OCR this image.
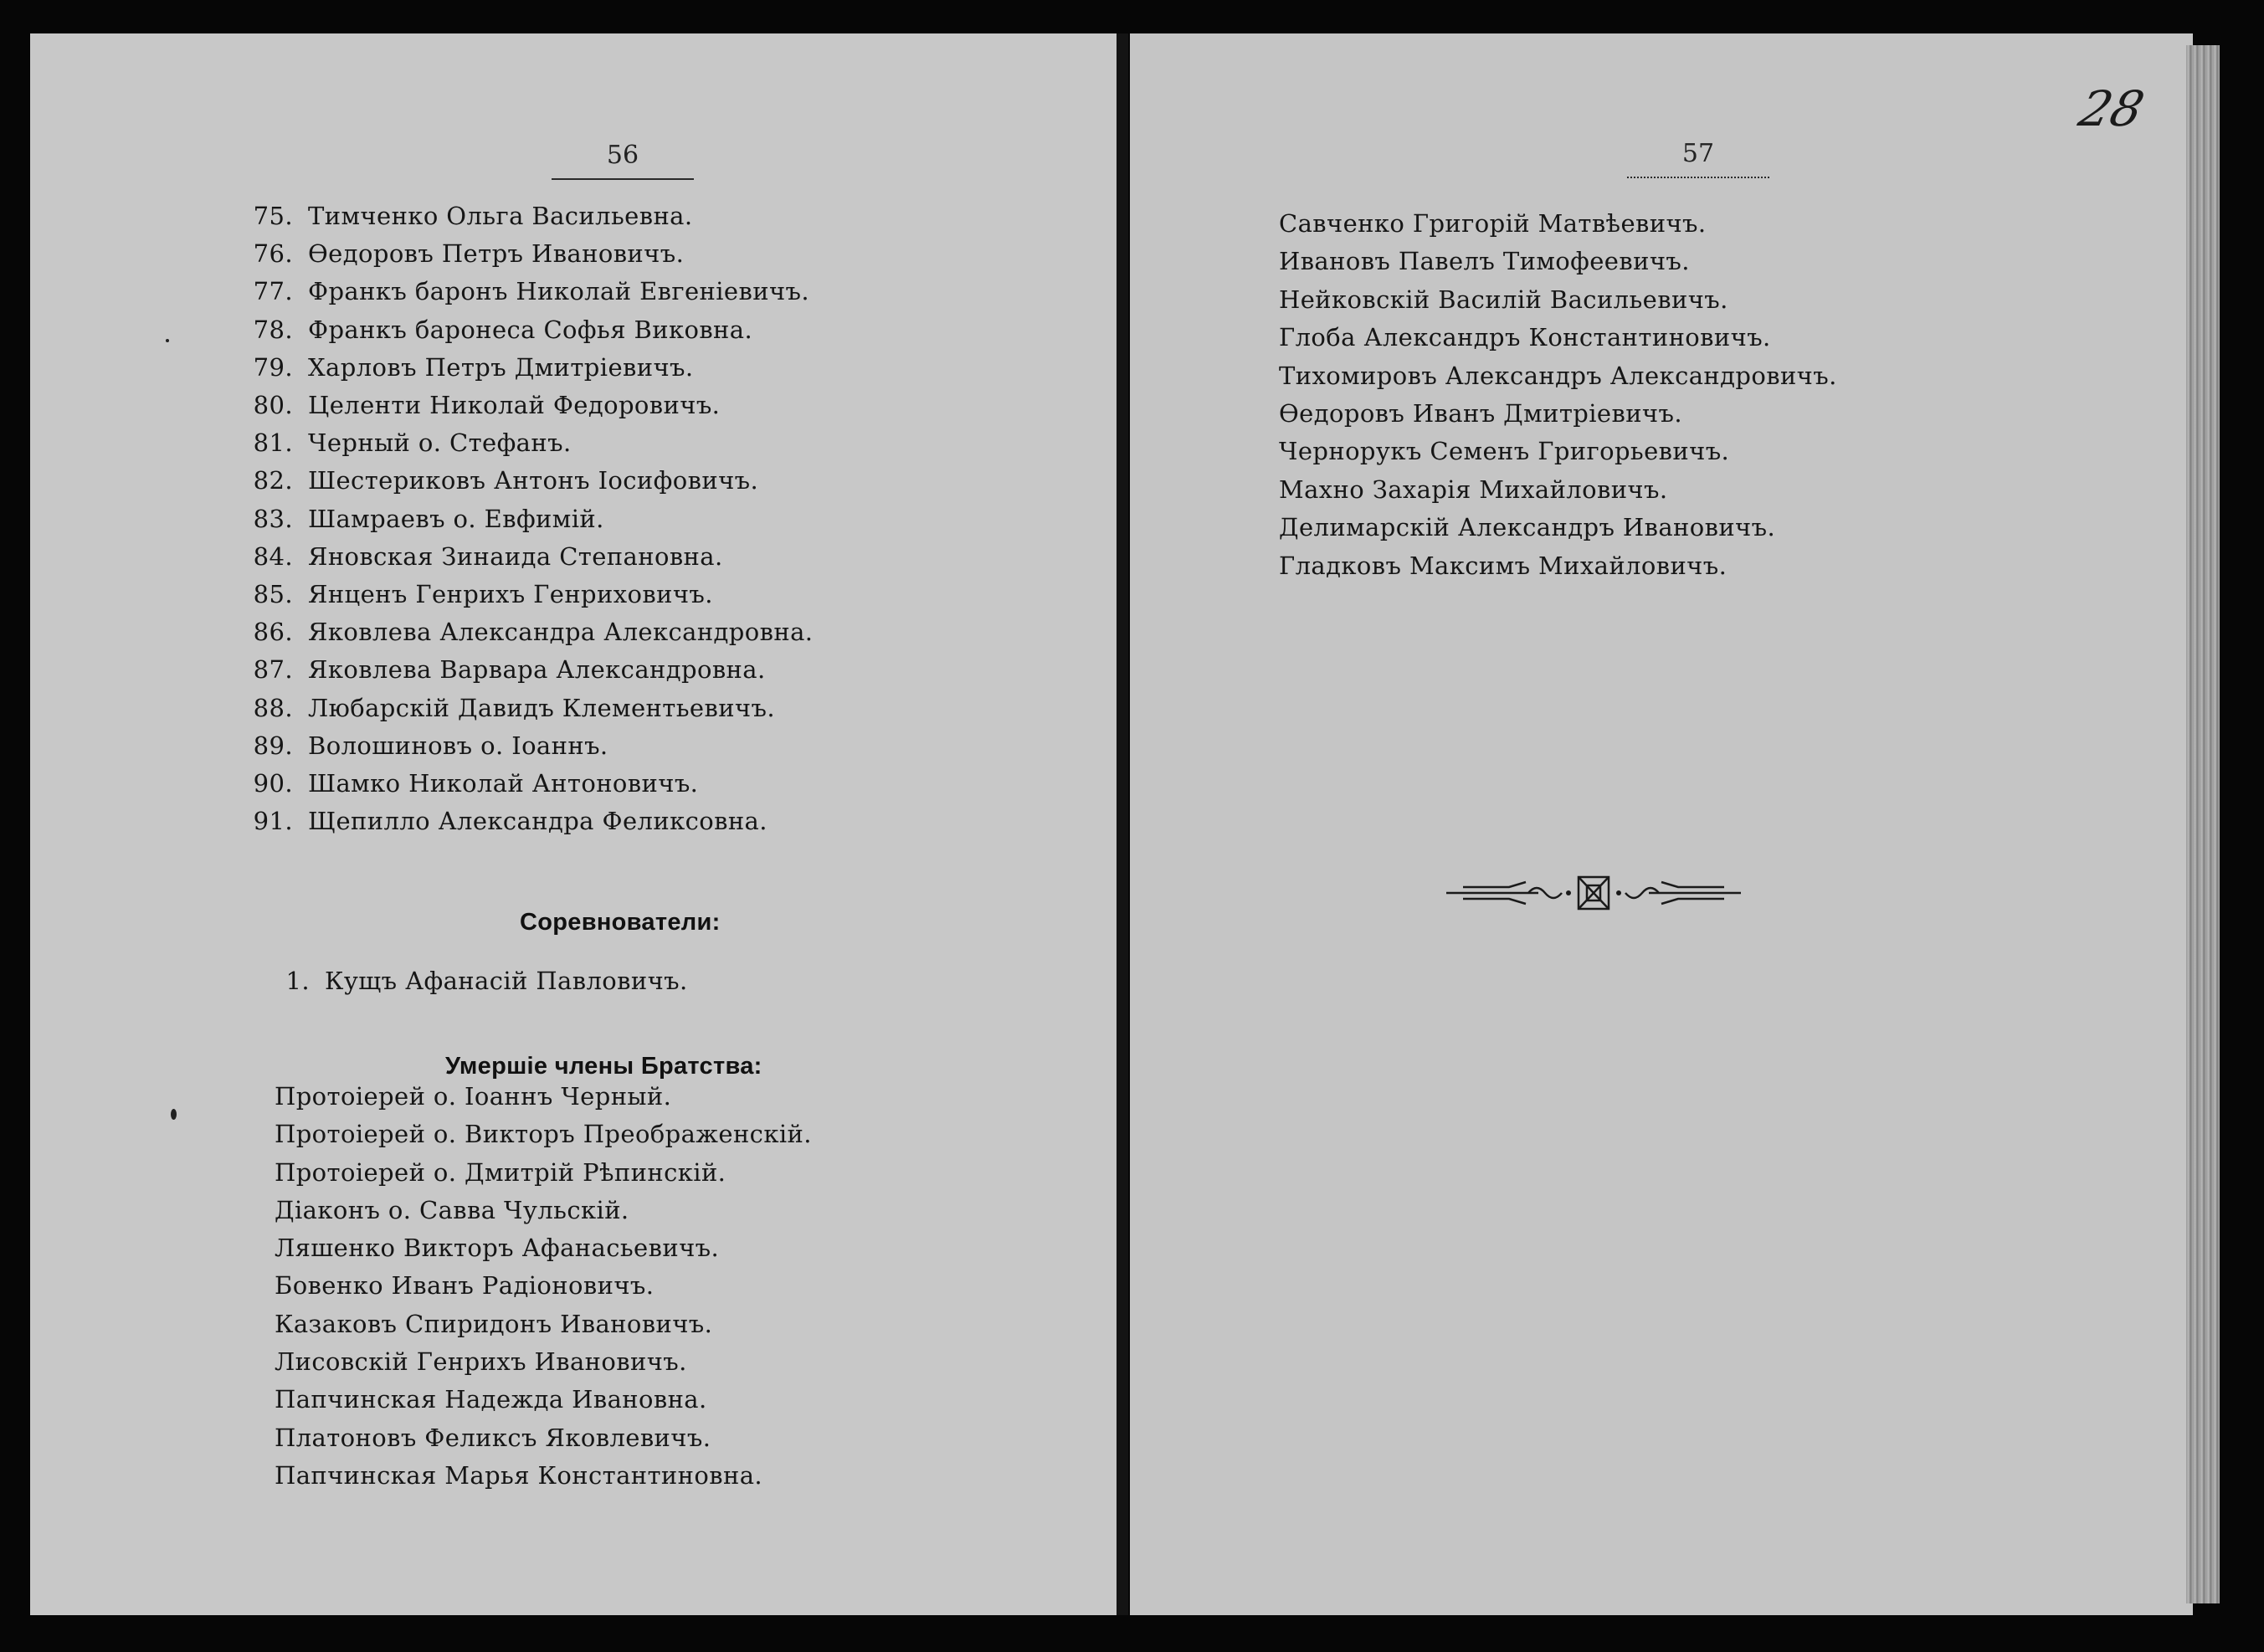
56
75. Тимченко Ольга Васильевна.
76. Ѳедоровъ Петръ Ивановичъ.
77. Франкъ баронъ Николай Евгеніевичъ.
78. Франкъ баронеса Софья Виковна.
79. Харловъ Петръ Дмитріевичъ.
80. Целенти Николай Федоровичъ.
81. Черный о. Стефанъ.
82. Шестериковъ Антонъ Іосифовичъ.
83. Шамраевъ о. Евфимій.
84. Яновская Зинаида Степановна.
85. Янценъ Генрихъ Генриховичъ.
86. Яковлева Александра Александровна.
87. Яковлева Варвара Александровна.
88. Любарскій Давидъ Клементьевичъ.
89. Волошиновъ о. Іоаннъ.
90. Шамко Николай Антоновичъ.
91. Щепилло Александра Феликсовна.
Соревнователи:
1. Кущъ Афанасій Павловичъ.
Умершіе члены Братства:
Протоіерей о. Іоаннъ Черный.
Протоіерей о. Викторъ Преображенскій.
Протоіерей о. Дмитрій Рѣпинскій.
Діаконъ о. Савва Чульскій.
Ляшенко Викторъ Афанасьевичъ.
Бовенко Иванъ Радіоновичъ.
Казаковъ Спиридонъ Ивановичъ.
Лисовскій Генрихъ Ивановичъ.
Папчинская Надежда Ивановна.
Платоновъ Феликсъ Яковлевичъ.
Папчинская Марья Константиновна.
57
28
Савченко Григорій Матвѣевичъ.
Ивановъ Павелъ Тимофеевичъ.
Нейковскій Василій Васильевичъ.
Глоба Александръ Константиновичъ.
Тихомировъ Александръ Александровичъ.
Ѳедоровъ Иванъ Дмитріевичъ.
Чернорукъ Семенъ Григорьевичъ.
Махно Захарія Михайловичъ.
Делимарскій Александръ Ивановичъ.
Гладковъ Максимъ Михайловичъ.
